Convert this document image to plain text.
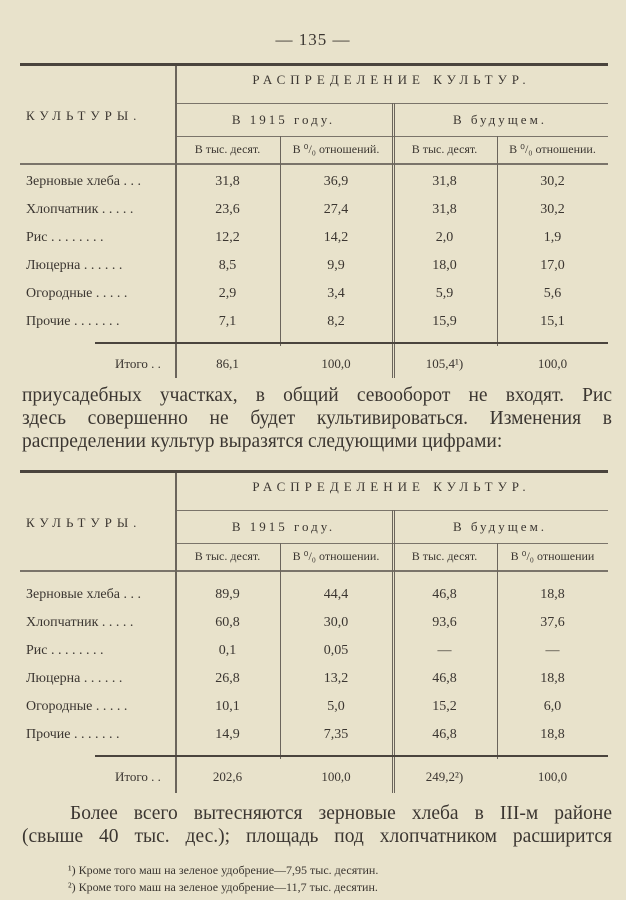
— 135 —
КУЛЬТУРЫ.
РАСПРЕДЕЛЕНИЕ КУЛЬТУР.
В 1915 году.	В будущем.
В тыс. десят.	В ⁰/₀ отношений.	В тыс. десят.	В ⁰/₀ отношении.
Зерновые хлеба . . .	31,8	36,9	31,8	30,2
Хлопчатник . . . . .	23,6	27,4	31,8	30,2
Рис . . . . . . . .	12,2	14,2	2,0	1,9
Люцерна . . . . . .	8,5	9,9	18,0	17,0
Огородные . . . . .	2,9	3,4	5,9	5,6
Прочие . . . . . . .	7,1	8,2	15,9	15,1
Итого . .	86,1	100,0	105,4¹)	100,0
приусадебных участках, в общий севооборот не входят. Рис
здесь совершенно не будет культивироваться. Изменения в
распределении культур выразятся следующими цифрами:
КУЛЬТУРЫ.
РАСПРЕДЕЛЕНИЕ КУЛЬТУР.
В 1915 году.	В будущем.
В тыс. десят.	В ⁰/₀ отношении.	В тыс. десят.	В ⁰/₀ отношении
Зерновые хлеба . . .	89,9	44,4	46,8	18,8
Хлопчатник . . . . .	60,8	30,0	93,6	37,6
Рис . . . . . . . .	0,1	0,05	—	—
Люцерна . . . . . .	26,8	13,2	46,8	18,8
Огородные . . . . .	10,1	5,0	15,2	6,0
Прочие . . . . . . .	14,9	7,35	46,8	18,8
Итого . .	202,6	100,0	249,2²)	100,0
Более всего вытесняются зерновые хлеба в III-м районе
(свыше 40 тыс. дес.); площадь под хлопчатником расширится
¹) Кроме того маш на зеленое удобрение—7,95 тыс. десятин.
²) Кроме того маш на зеленое удобрение—11,7 тыс. десятин.
